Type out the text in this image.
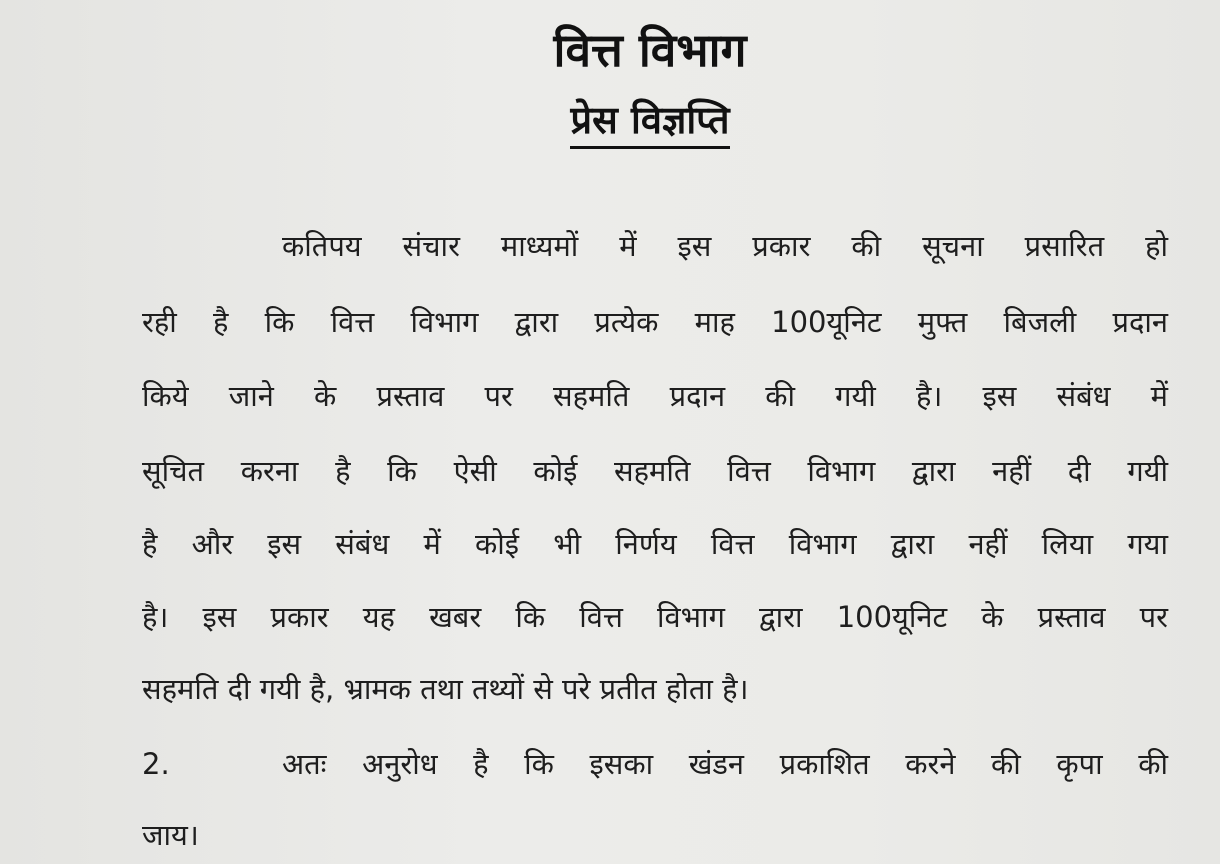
वित्त विभाग
प्रेस विज्ञप्ति
कतिपय संचार माध्यमों में इस प्रकार की सूचना प्रसारित हो
रही है कि वित्त विभाग द्वारा प्रत्येक माह 100यूनिट मुफ्त बिजली प्रदान
किये जाने के प्रस्ताव पर सहमति प्रदान की गयी है। इस संबंध में
सूचित करना है कि ऐसी कोई सहमति वित्त विभाग द्वारा नहीं दी गयी
है और इस संबंध में कोई भी निर्णय वित्त विभाग द्वारा नहीं लिया गया
है। इस प्रकार यह खबर कि वित्त विभाग द्वारा 100यूनिट के प्रस्ताव पर
सहमति दी गयी है, भ्रामक तथा तथ्यों से परे प्रतीत होता है।
2.	अतः अनुरोध है कि इसका खंडन प्रकाशित करने की कृपा की
जाय।
